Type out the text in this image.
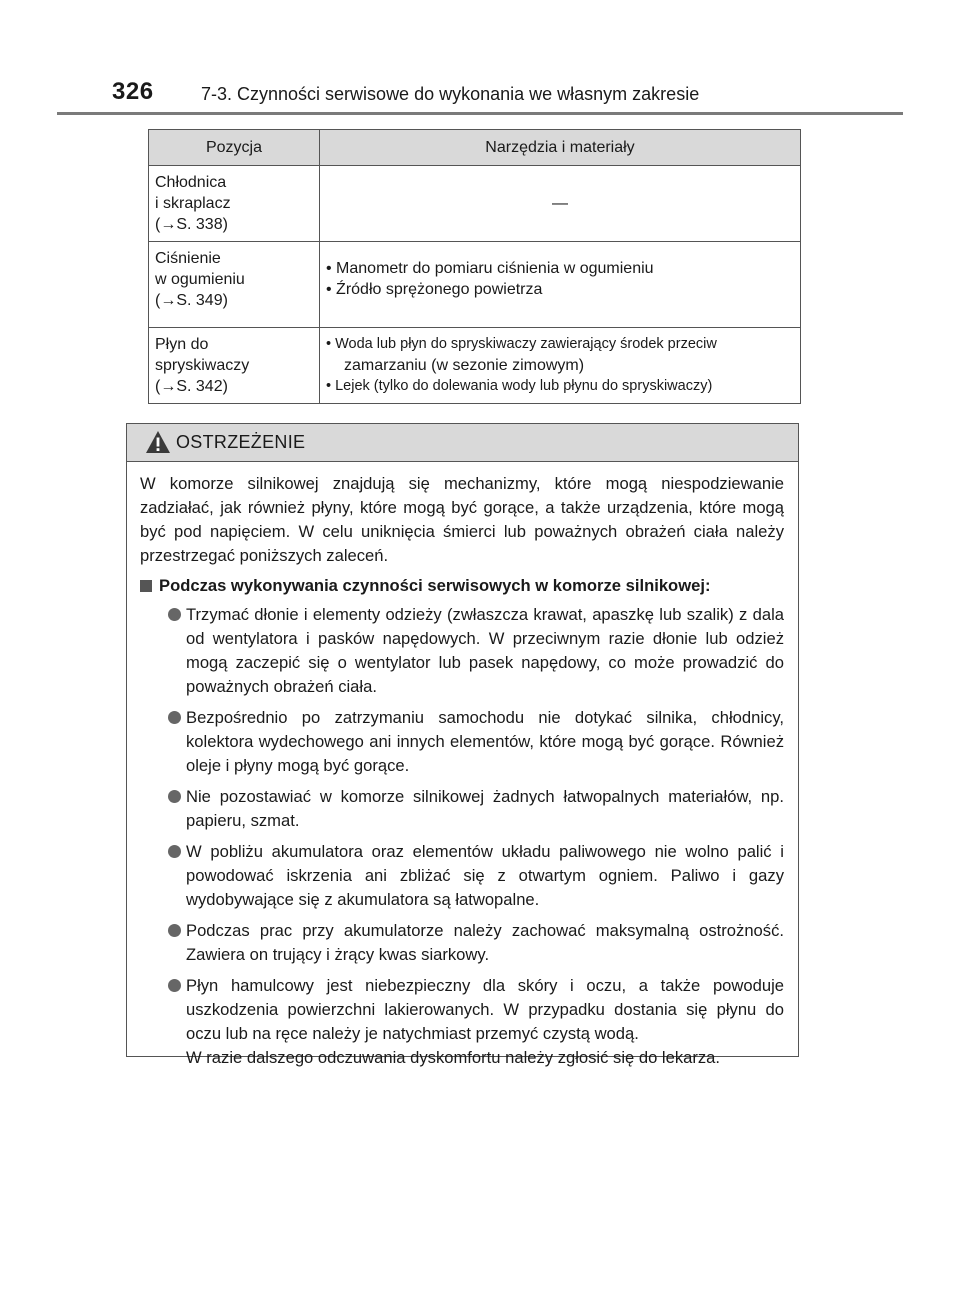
326	7-3. Czynności serwisowe do wykonania we własnym zakresie
Pozycja	Narzędzia i materiały

Chłodnica
i skraplacz
(→S. 338)	—

Ciśnienie
w ogumieniu
(→S. 349)	• Manometr do pomiaru ciśnienia w ogumieniu
• Źródło sprężonego powietrza

Płyn do
spryskiwaczy
(→S. 342)	• Woda lub płyn do spryskiwaczy zawierający środek przeciw
zamarzaniu (w sezonie zimowym)
• Lejek (tylko do dolewania wody lub płynu do spryskiwaczy)
OSTRZEŻENIE

W komorze silnikowej znajdują się mechanizmy, które mogą niespodziewanie zadziałać, jak również płyny, które mogą być gorące, a także urządzenia, które mogą być pod napięciem. W celu uniknięcia śmierci lub poważnych obrażeń ciała należy przestrzegać poniższych zaleceń.

Podczas wykonywania czynności serwisowych w komorze silnikowej:
Trzymać dłonie i elementy odzieży (zwłaszcza krawat, apaszkę lub szalik) z dala od wentylatora i pasków napędowych. W przeciwnym razie dłonie lub odzież mogą zaczepić się o wentylator lub pasek napędowy, co może prowadzić do poważnych obrażeń ciała.
Bezpośrednio po zatrzymaniu samochodu nie dotykać silnika, chłodnicy, kolektora wydechowego ani innych elementów, które mogą być gorące. Również oleje i płyny mogą być gorące.
Nie pozostawiać w komorze silnikowej żadnych łatwopalnych materiałów, np. papieru, szmat.
W pobliżu akumulatora oraz elementów układu paliwowego nie wolno palić i powodować iskrzenia ani zbliżać się z otwartym ogniem. Paliwo i gazy wydobywające się z akumulatora są łatwopalne.
Podczas prac przy akumulatorze należy zachować maksymalną ostrożność. Zawiera on trujący i żrący kwas siarkowy.
Płyn hamulcowy jest niebezpieczny dla skóry i oczu, a także powoduje uszkodzenia powierzchni lakierowanych. W przypadku dostania się płynu do oczu lub na ręce należy je natychmiast przemyć czystą wodą.
W razie dalszego odczuwania dyskomfortu należy zgłosić się do lekarza.
